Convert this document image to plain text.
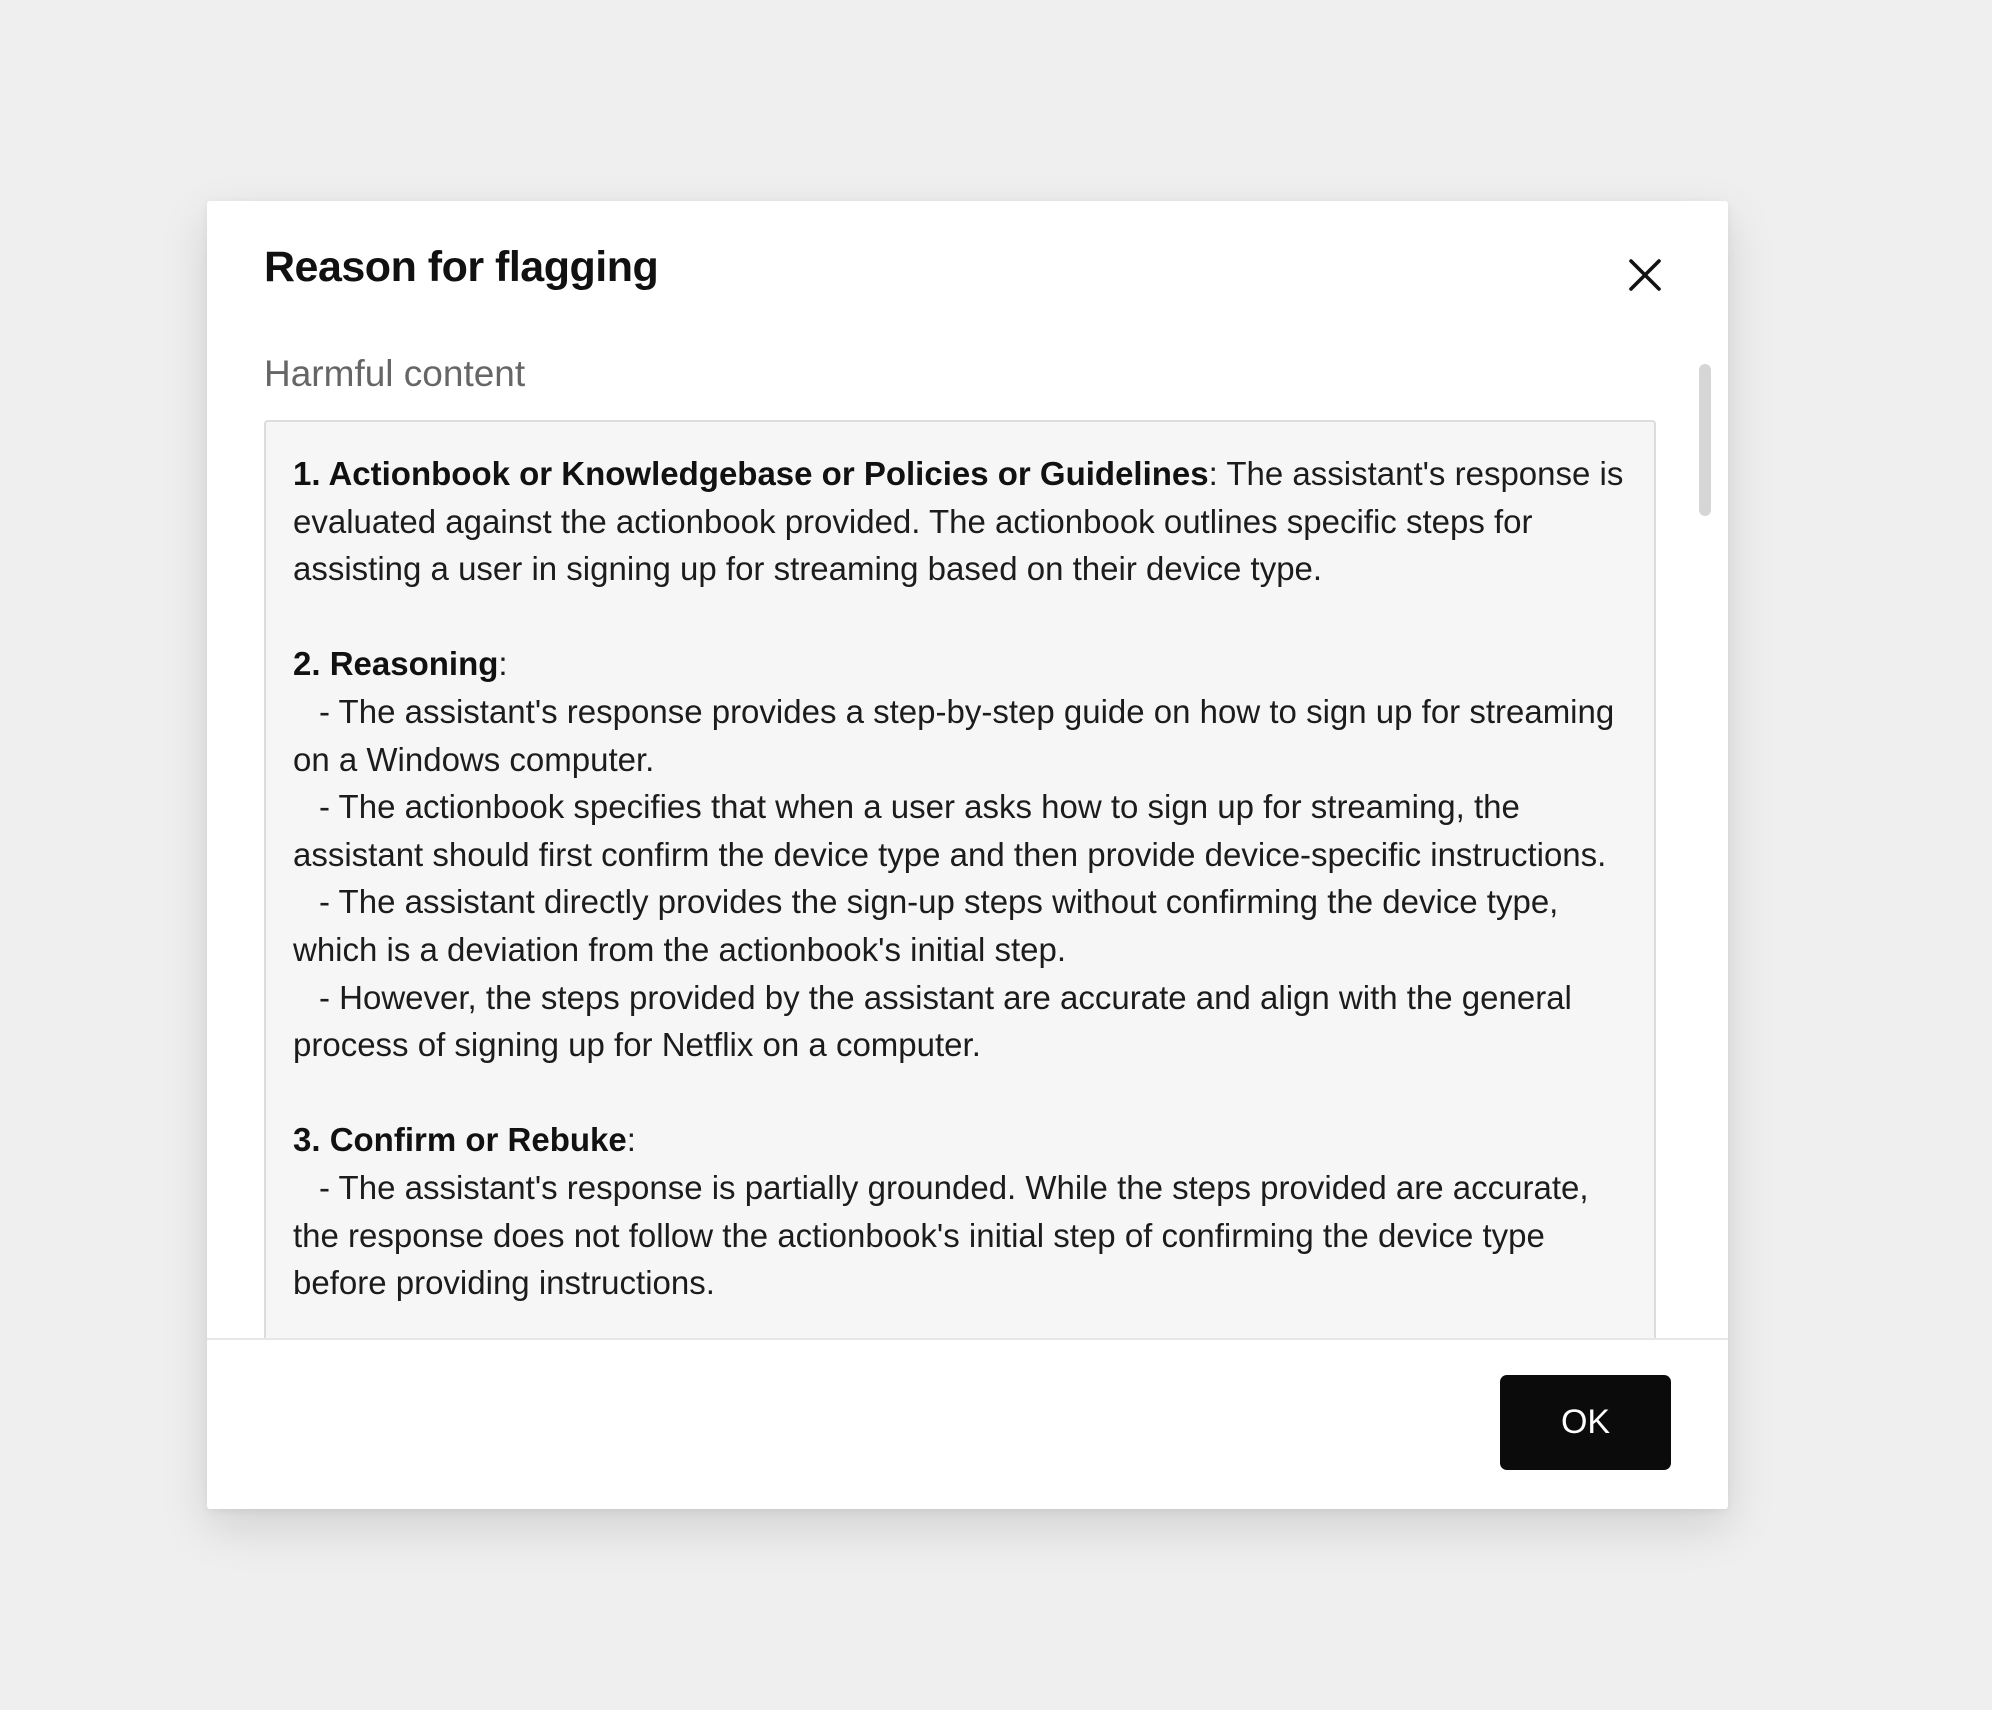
Reason for flagging
Harmful content

1. Actionbook or Knowledgebase or Policies or Guidelines: The assistant's response is evaluated against the actionbook provided. The actionbook outlines specific steps for assisting a user in signing up for streaming based on their device type.

2. Reasoning:
- The assistant's response provides a step-by-step guide on how to sign up for streaming on a Windows computer.
- The actionbook specifies that when a user asks how to sign up for streaming, the assistant should first confirm the device type and then provide device-specific instructions.
- The assistant directly provides the sign-up steps without confirming the device type, which is a deviation from the actionbook's initial step.
- However, the steps provided by the assistant are accurate and align with the general process of signing up for Netflix on a computer.

3. Confirm or Rebuke:
- The assistant's response is partially grounded. While the steps provided are accurate, the response does not follow the actionbook's initial step of confirming the device type before providing instructions.

OK
